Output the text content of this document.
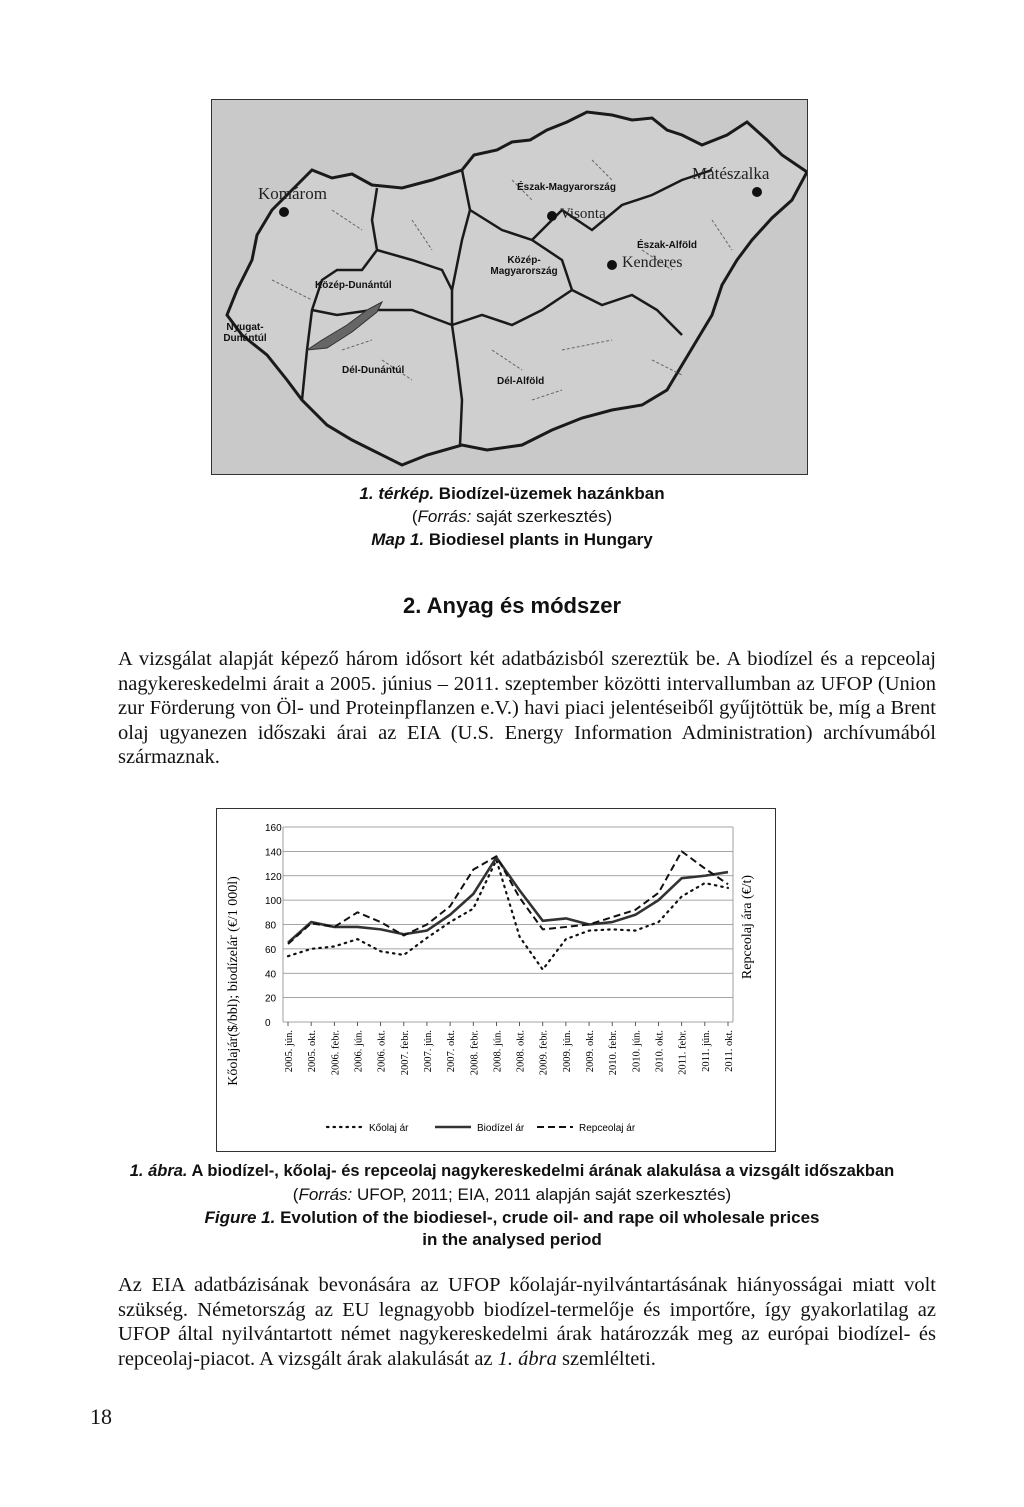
Komárom
Visonta
Mátészalka
Kenderes
Észak-Magyarország
Közép-Magyarország
Észak-Alföld
Közép-Dunántúl
Nyugat-Dunántúl
Dél-Dunántúl
Dél-Alföld
1. térkép. Biodízel-üzemek hazánkban
(Forrás: saját szerkesztés)
Map 1. Biodiesel plants in Hungary
2. Anyag és módszer
A vizsgálat alapját képező három idősort két adatbázisból szereztük be. A biodízel és a repceolaj nagykereskedelmi árait a 2005. június – 2011. szeptember közötti intervallumban az UFOP (Union zur Förderung von Öl- und Proteinpflanzen e.V.) havi piaci jelentéseiből gyűjtöttük be, míg a Brent olaj ugyanezen időszaki árai az EIA (U.S. Energy Information Administration) archívumából származnak.
160
140
120
100
80
60
40
20
0
2005. jún. 2005. okt. 2006. febr. 2006. jún. 2006. okt. 2007. febr. 2007. jún. 2007. okt. 2008. febr. 2008. jún. 2008. okt. 2009. febr. 2009. jún. 2009. okt. 2010. febr. 2010. jún. 2010. okt. 2011. febr. 2011. jún. 2011. okt.
Kőolajár($/bbl); biodízelár (€/1 000l)	Repceolaj ára (€/t)
Kőolaj ár	Biodízel ár	Repceolaj ár
1. ábra. A biodízel-, kőolaj- és repceolaj nagykereskedelmi árának alakulása a vizsgált időszakban
(Forrás: UFOP, 2011; EIA, 2011 alapján saját szerkesztés)
Figure 1. Evolution of the biodiesel-, crude oil- and rape oil wholesale prices
in the analysed period
Az EIA adatbázisának bevonására az UFOP kőolajár-nyilvántartásának hiányosságai miatt volt szükség. Németország az EU legnagyobb biodízel-termelője és importőre, így gyakorlatilag az UFOP által nyilvántartott német nagykereskedelmi árak határozzák meg az európai biodízel- és repceolaj-piacot. A vizsgált árak alakulását az 1. ábra szemlélteti.
18
